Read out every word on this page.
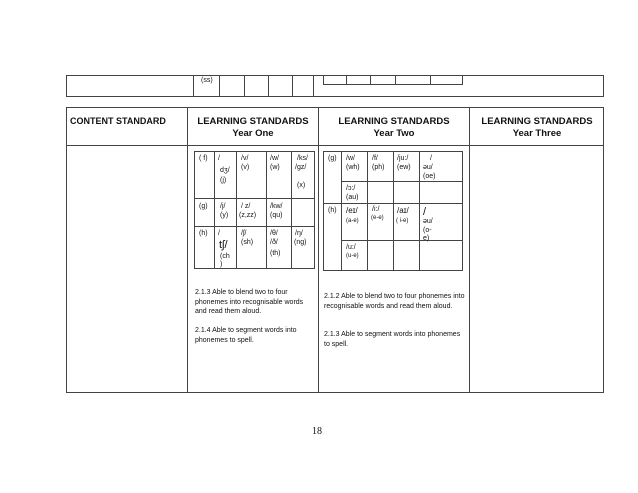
(ss)
CONTENT STANDARD	LEARNING STANDARDS
Year One
LEARNING STANDARDS
Year Two
LEARNING STANDARDS
Year Three
( f) /
dʒ/
(j)
/v/
(v)
/w/
(w)
/ks/
/gz/
(x)
(g) /j/
(y)
/ z/
(z,zz)
/kw/
(qu)
(h) /
tʃ/
(ch
)
/ʃ/
(sh)
/θ/
/ð/
(th)
/ŋ/
(ng)
2.1.3 Able to blend two to four phonemes into recognisable words and read them aloud.
2.1.4 Able to segment words into phonemes to spell.
(g) /w/
(wh)
/f/
(ph)
/ju:/
(ew)
/
əu/
(oe)
/ɔ:/
(au)
(h) /eɪ/
(a-e)
/i:/
(e-e)
/aɪ/
( i-e)
/
əu/
(o-
e)
/u:/
(u-e)
2.1.2 Able to blend two to four phonemes into recognisable words and read them aloud.
2.1.3 Able to segment words into phonemes to spell.
18
